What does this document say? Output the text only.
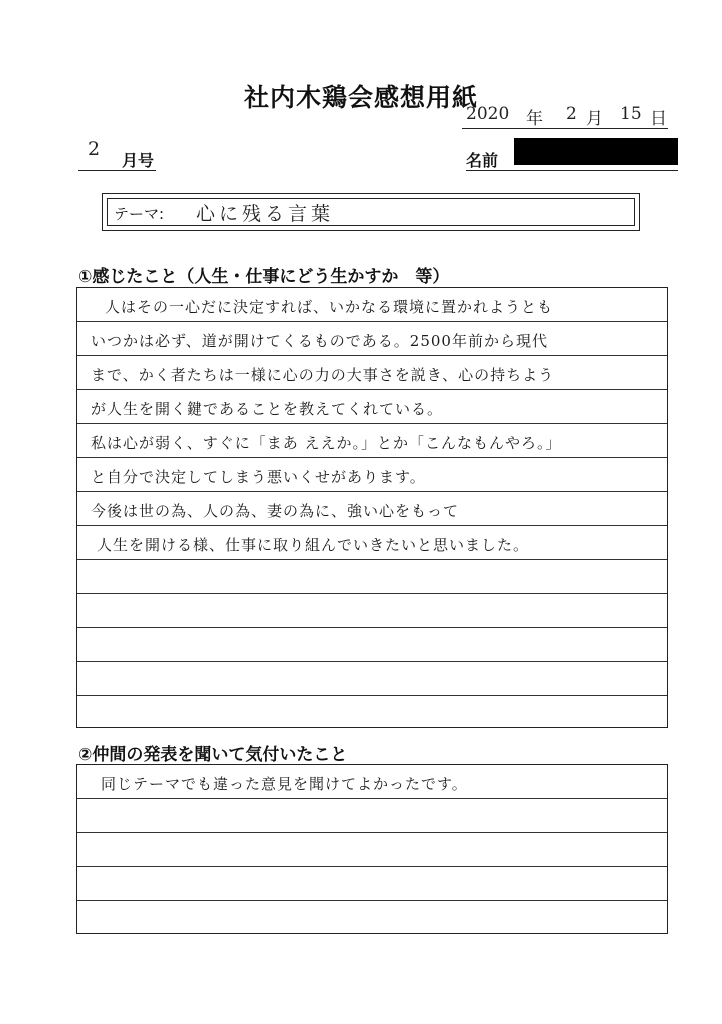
社内木鶏会感想用紙
2020 年 2 月 15 日
2
月号	名前
テーマ: 心に残る言葉
①感じたこと（人生・仕事にどう生かすか　等）
人はその一心だに決定すれば、いかなる環境に置かれようとも
いつかは必ず、道が開けてくるものである。2500年前から現代
まで、かく者たちは一様に心の力の大事さを説き、心の持ちよう
が人生を開く鍵であることを教えてくれている。
私は心が弱く、すぐに「まあ ええか。」とか「こんなもんやろ。」
と自分で決定してしまう悪いくせがあります。
今後は世の為、人の為、妻の為に、強い心をもって
人生を開ける様、仕事に取り組んでいきたいと思いました。
②仲間の発表を聞いて気付いたこと
同じテーマでも違った意見を聞けてよかったです。
